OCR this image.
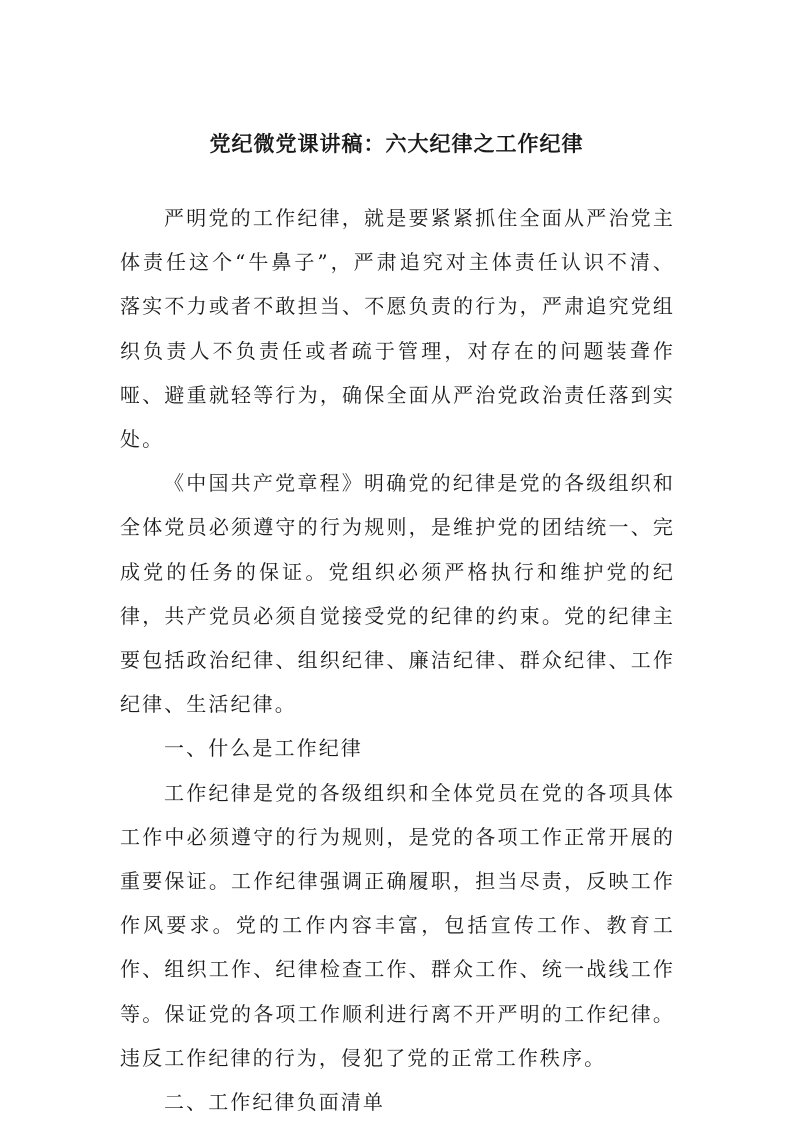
党纪微党课讲稿：六大纪律之工作纪律

严明党的工作纪律，就是要紧紧抓住全面从严治党主体责任这个“牛鼻子”，严肃追究对主体责任认识不清、落实不力或者不敢担当、不愿负责的行为，严肃追究党组织负责人不负责任或者疏于管理，对存在的问题装聋作哑、避重就轻等行为，确保全面从严治党政治责任落到实处。

《中国共产党章程》明确党的纪律是党的各级组织和全体党员必须遵守的行为规则，是维护党的团结统一、完成党的任务的保证。党组织必须严格执行和维护党的纪律，共产党员必须自觉接受党的纪律的约束。党的纪律主要包括政治纪律、组织纪律、廉洁纪律、群众纪律、工作纪律、生活纪律。

一、什么是工作纪律

工作纪律是党的各级组织和全体党员在党的各项具体工作中必须遵守的行为规则，是党的各项工作正常开展的重要保证。工作纪律强调正确履职，担当尽责，反映工作作风要求。党的工作内容丰富，包括宣传工作、教育工作、组织工作、纪律检查工作、群众工作、统一战线工作等。保证党的各项工作顺利进行离不开严明的工作纪律。违反工作纪律的行为，侵犯了党的正常工作秩序。

二、工作纪律负面清单
